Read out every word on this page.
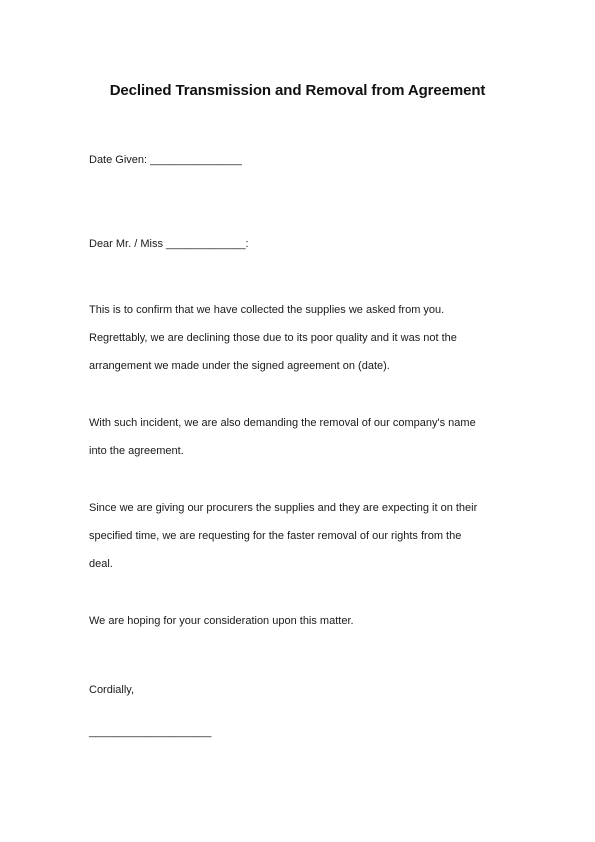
Declined Transmission and Removal from Agreement
Date Given: _______________
Dear Mr. / Miss _____________:
This is to confirm that we have collected the supplies we asked from you.
Regrettably, we are declining those due to its poor quality and it was not the
arrangement we made under the signed agreement on (date).
With such incident, we are also demanding the removal of our company's name
into the agreement.
Since we are giving our procurers the supplies and they are expecting it on their
specified time, we are requesting for the faster removal of our rights from the
deal.
We are hoping for your consideration upon this matter.
Cordially,
____________________
